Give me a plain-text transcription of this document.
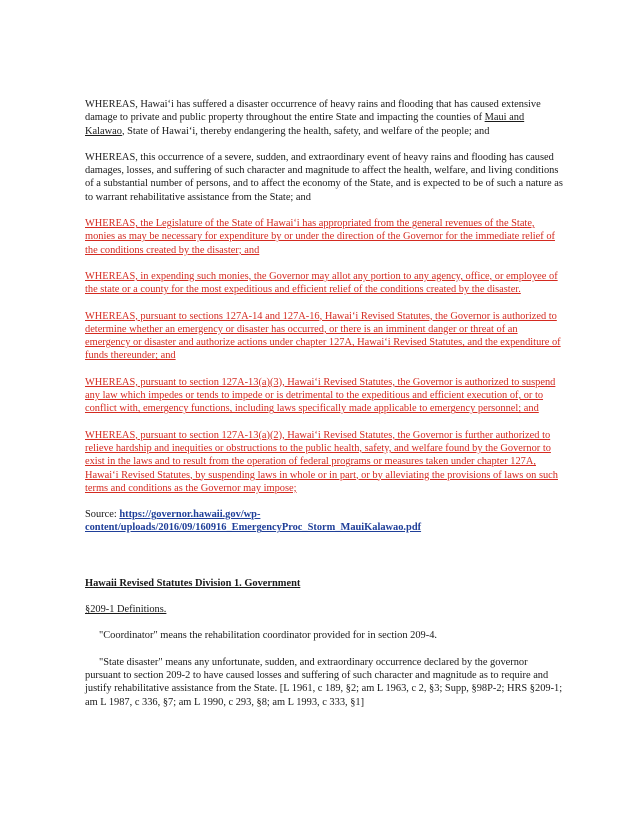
WHEREAS, Hawai‘i has suffered a disaster occurrence of heavy rains and flooding that has caused extensive damage to private and public property throughout the entire State and impacting the counties of Maui and Kalawao, State of Hawai‘i, thereby endangering the health, safety, and welfare of the people; and

WHEREAS, this occurrence of a severe, sudden, and extraordinary event of heavy rains and flooding has caused damages, losses, and suffering of such character and magnitude to affect the health, welfare, and living conditions of a substantial number of persons, and to affect the economy of the State, and is expected to be of such a nature as to warrant rehabilitative assistance from the State; and

WHEREAS, the Legislature of the State of Hawai‘i has appropriated from the general revenues of the State, monies as may be necessary for expenditure by or under the direction of the Governor for the immediate relief of the conditions created by the disaster; and

WHEREAS, in expending such monies, the Governor may allot any portion to any agency, office, or employee of the state or a county for the most expeditious and efficient relief of the conditions created by the disaster.

WHEREAS, pursuant to sections 127A-14 and 127A-16, Hawai‘i Revised Statutes, the Governor is authorized to determine whether an emergency or disaster has occurred, or there is an imminent danger or threat of an emergency or disaster and authorize actions under chapter 127A, Hawai‘i Revised Statutes, and the expenditure of funds thereunder; and

WHEREAS, pursuant to section 127A-13(a)(3), Hawai‘i Revised Statutes, the Governor is authorized to suspend any law which impedes or tends to impede or is detrimental to the expeditious and efficient execution of, or to conflict with, emergency functions, including laws specifically made applicable to emergency personnel; and

WHEREAS, pursuant to section 127A-13(a)(2), Hawai‘i Revised Statutes, the Governor is further authorized to relieve hardship and inequities or obstructions to the public health, safety, and welfare found by the Governor to exist in the laws and to result from the operation of federal programs or measures taken under chapter 127A, Hawai‘i Revised Statutes, by suspending laws in whole or in part, or by alleviating the provisions of laws on such terms and conditions as the Governor may impose;

Source: https://governor.hawaii.gov/wp-content/uploads/2016/09/160916_EmergencyProc_Storm_MauiKalawao.pdf

Hawaii Revised Statutes Division 1. Government

§209-1 Definitions.

"Coordinator" means the rehabilitation coordinator provided for in section 209-4.

"State disaster" means any unfortunate, sudden, and extraordinary occurrence declared by the governor pursuant to section 209-2 to have caused losses and suffering of such character and magnitude as to require and justify rehabilitative assistance from the State. [L 1961, c 189, §2; am L 1963, c 2, §3; Supp, §98P-2; HRS §209-1; am L 1987, c 336, §7; am L 1990, c 293, §8; am L 1993, c 333, §1]
